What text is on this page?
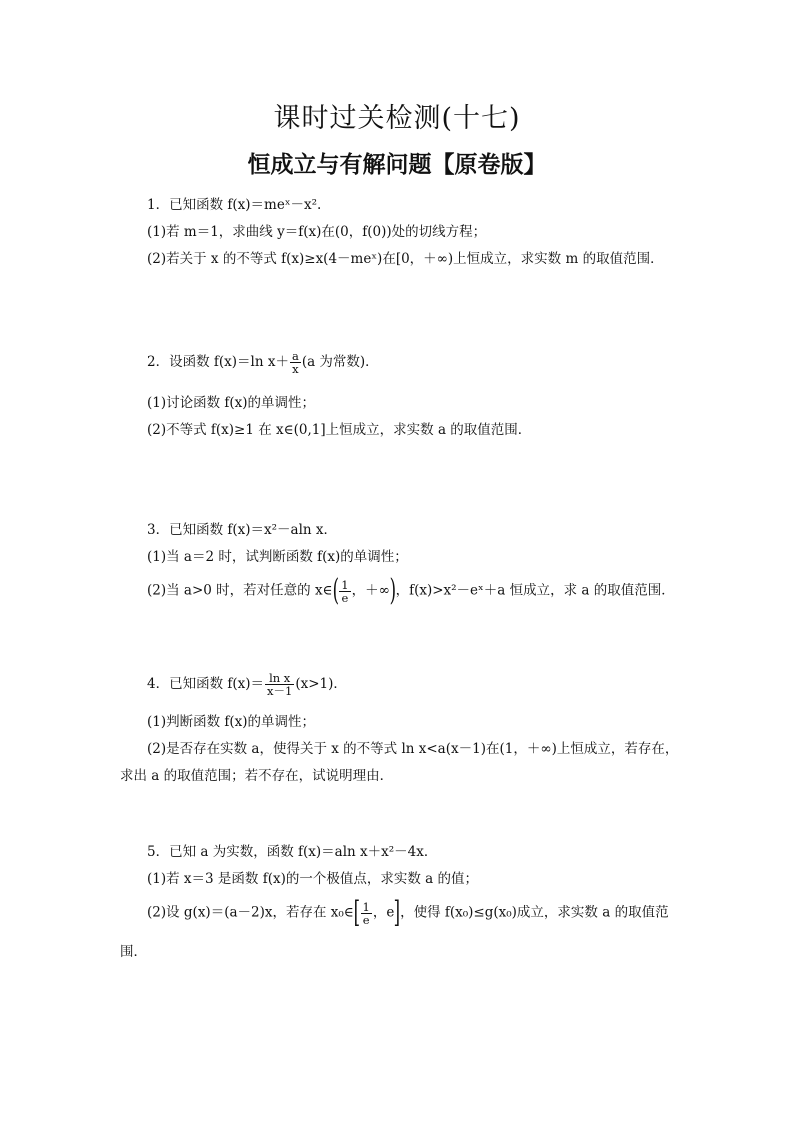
课时过关检测(十七)
恒成立与有解问题【原卷版】
1．已知函数 f(x)＝meˣ－x².
(1)若 m＝1，求曲线 y＝f(x)在(0，f(0))处的切线方程；
(2)若关于 x 的不等式 f(x)≥x(4－meˣ)在[0，＋∞)上恒成立，求实数 m 的取值范围．
2．设函数 f(x)＝ln $x+ \frac{a}{x} (a$ 为常数)．
(1)讨论函数 f(x)的单调性；
(2)不等式 f(x)≥1 在 x∈(0,1]上恒成立，求实数 a 的取值范围．
3．已知函数 f(x)＝x²－aln x．
(1)当 a＝2 时，试判断函数 f(x)的单调性；
(2)当 a>0 时，若对任意的 x∈( $\frac{1}{e}$ ，＋∞)，f(x)>x²－eˣ＋a 恒成立，求 a 的取值范围．
4．已知函数 $f(x)= \frac{\text{ln x}}{x-1} (x>1)$．
(1)判断函数 f(x)的单调性；
(2)是否存在实数 a，使得关于 x 的不等式 ln x<a(x－1)在(1，＋∞)上恒成立，若存在，
求出 a 的取值范围；若不存在，试说明理由．
5．已知 a 为实数，函数 f(x)＝aln x＋x²－4x．
(1)若 x＝3 是函数 f(x)的一个极值点，求实数 a 的值；
(2)设 g(x)＝(a－2)x，若存在 x₀∈[ $\frac{1}{e}$ ，e]，使得 f(x₀)≤g(x₀)成立，求实数 a 的取值范
围．
